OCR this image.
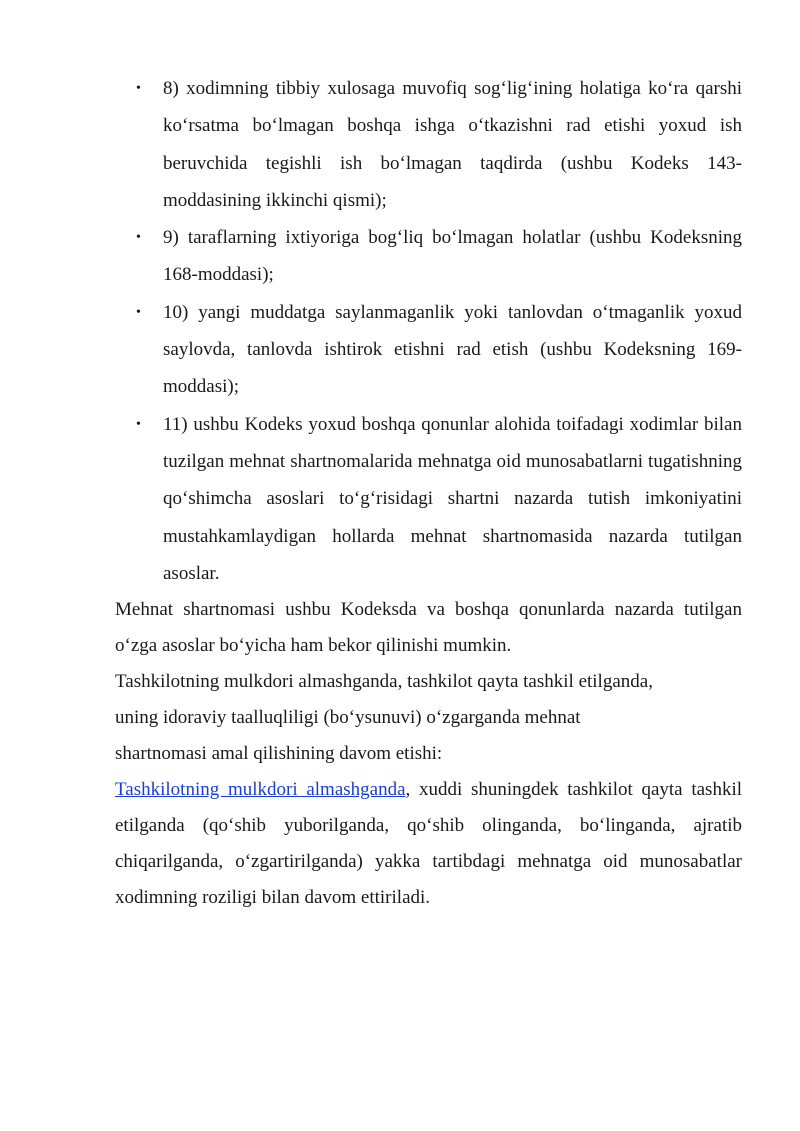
• 8) xodimning tibbiy xulosaga muvofiq sog‘lig‘ining holatiga ko‘ra qarshi ko‘rsatma bo‘lmagan boshqa ishga o‘tkazishni rad etishi yoxud ish beruvchida tegishli ish bo‘lmagan taqdirda (ushbu Kodeks 143-moddasining ikkinchi qismi);
• 9) taraflarning ixtiyoriga bog‘liq bo‘lmagan holatlar (ushbu Kodeksning 168-moddasi);
• 10) yangi muddatga saylanmaganlik yoki tanlovdan o‘tmaganlik yoxud saylovda, tanlovda ishtirok etishni rad etish (ushbu Kodeksning 169-moddasi);
• 11) ushbu Kodeks yoxud boshqa qonunlar alohida toifadagi xodimlar bilan tuzilgan mehnat shartnomalarida mehnatga oid munosabatlarni tugatishning qo‘shimcha asoslari to‘g‘risidagi shartni nazarda tutish imkoniyatini mustahkamlaydigan hollarda mehnat shartnomasida nazarda tutilgan asoslar.

Mehnat shartnomasi ushbu Kodeksda va boshqa qonunlarda nazarda tutilgan o‘zga asoslar bo‘yicha ham bekor qilinishi mumkin.

Tashkilotning mulkdori almashganda, tashkilot qayta tashkil etilganda,
uning idoraviy taalluqliligi (bo‘ysunuvi) o‘zgarganda mehnat
shartnomasi amal qilishining davom etishi:

Tashkilotning mulkdori almashganda, xuddi shuningdek tashkilot qayta tashkil etilganda (qo‘shib yuborilganda, qo‘shib olinganda, bo‘linganda, ajratib chiqarilganda, o‘zgartirilganda) yakka tartibdagi mehnatga oid munosabatlar xodimning roziligi bilan davom ettiriladi.
